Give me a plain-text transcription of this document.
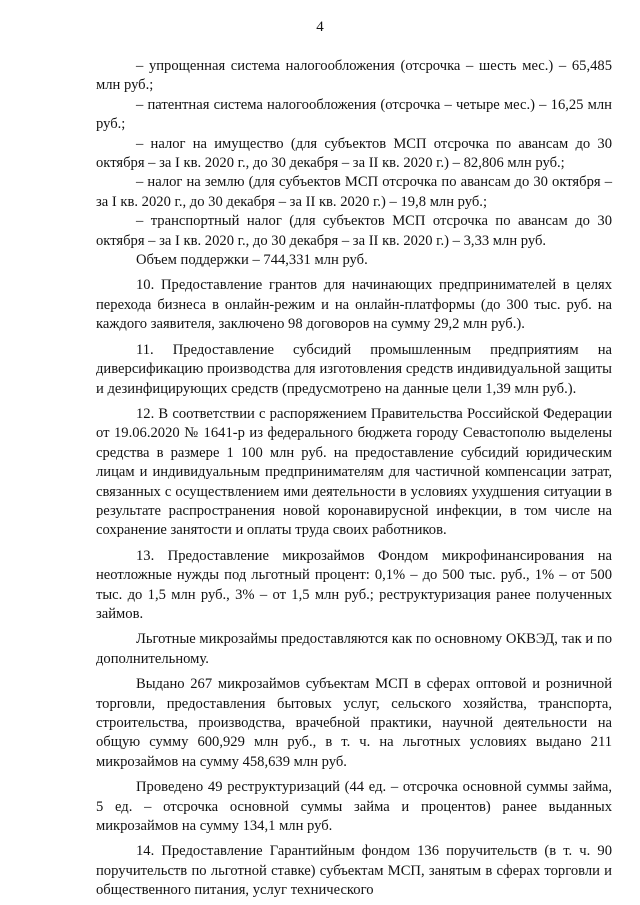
4

– упрощенная система налогообложения (отсрочка – шесть мес.) – 65,485 млн руб.;

– патентная система налогообложения (отсрочка – четыре мес.) – 16,25 млн руб.;

– налог на имущество (для субъектов МСП отсрочка по авансам до 30 октября – за I кв. 2020 г., до 30 декабря – за II кв. 2020 г.) – 82,806 млн руб.;

– налог на землю (для субъектов МСП отсрочка по авансам до 30 октября – за I кв. 2020 г., до 30 декабря – за II кв. 2020 г.) – 19,8 млн руб.;

– транспортный налог (для субъектов МСП отсрочка по авансам до 30 октября – за I кв. 2020 г., до 30 декабря – за II кв. 2020 г.) – 3,33 млн руб.

Объем поддержки – 744,331 млн руб.

10. Предоставление грантов для начинающих предпринимателей в целях перехода бизнеса в онлайн-режим и на онлайн-платформы (до 300 тыс. руб. на каждого заявителя, заключено 98 договоров на сумму 29,2 млн руб.).

11. Предоставление субсидий промышленным предприятиям на диверсификацию производства для изготовления средств индивидуальной защиты и дезинфицирующих средств (предусмотрено на данные цели 1,39 млн руб.).

12. В соответствии с распоряжением Правительства Российской Федерации от 19.06.2020 № 1641-р из федерального бюджета городу Севастополю выделены средства в размере 1 100 млн руб. на предоставление субсидий юридическим лицам и индивидуальным предпринимателям для частичной компенсации затрат, связанных с осуществлением ими деятельности в условиях ухудшения ситуации в результате распространения новой коронавирусной инфекции, в том числе на сохранение занятости и оплаты труда своих работников.

13. Предоставление микрозаймов Фондом микрофинансирования на неотложные нужды под льготный процент: 0,1% – до 500 тыс. руб., 1% – от 500 тыс. до 1,5 млн руб., 3% – от 1,5 млн руб.; реструктуризация ранее полученных займов.

Льготные микрозаймы предоставляются как по основному ОКВЭД, так и по дополнительному.

Выдано 267 микрозаймов субъектам МСП в сферах оптовой и розничной торговли, предоставления бытовых услуг, сельского хозяйства, транспорта, строительства, производства, врачебной практики, научной деятельности на общую сумму 600,929 млн руб., в т. ч. на льготных условиях выдано 211 микрозаймов на сумму 458,639 млн руб.

Проведено 49 реструктуризаций (44 ед. – отсрочка основной суммы займа, 5 ед. – отсрочка основной суммы займа и процентов) ранее выданных микрозаймов на сумму 134,1 млн руб.

14. Предоставление Гарантийным фондом 136 поручительств (в т. ч. 90 поручительств по льготной ставке) субъектам МСП, занятым в сферах торговли и общественного питания, услуг технического
